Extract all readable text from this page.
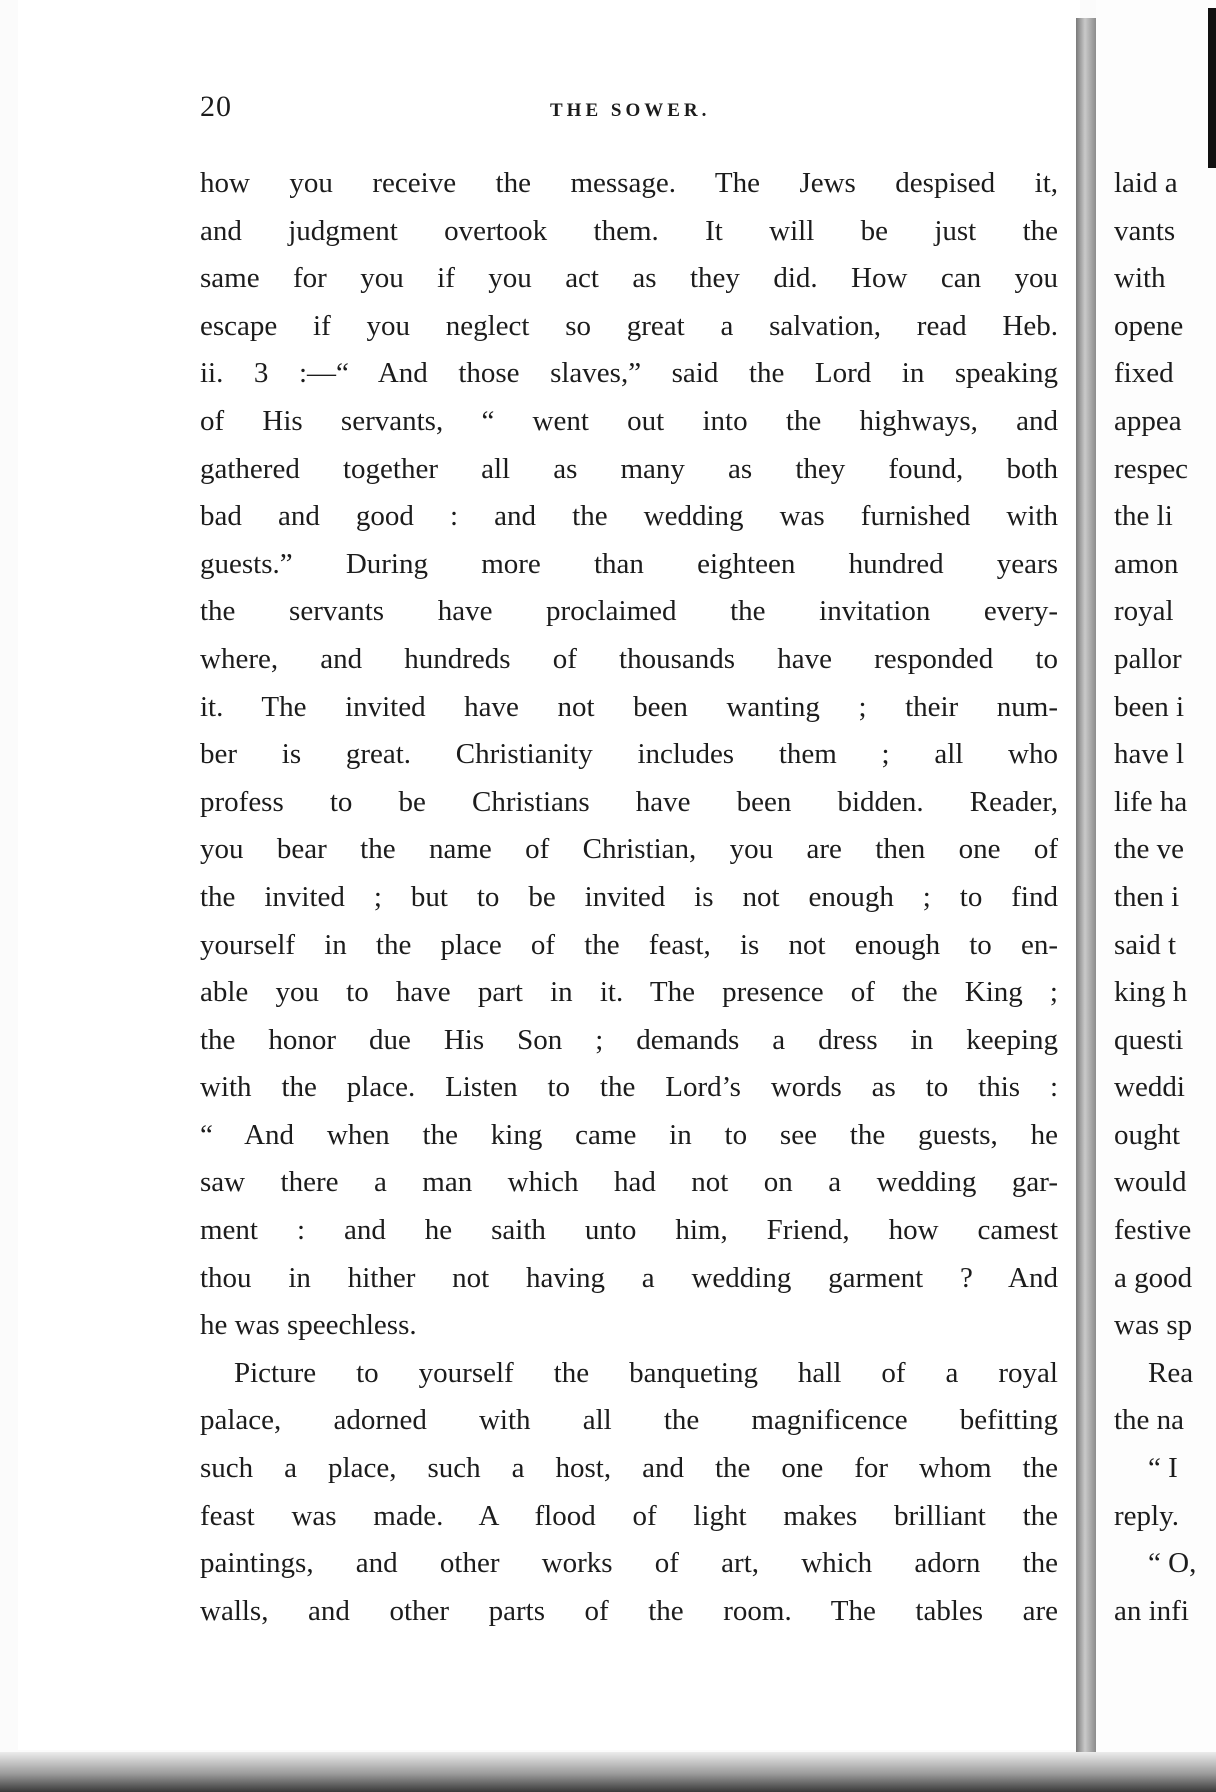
laid a
vants
with
opene
fixed
appea
respec
the li
amon
royal
pallor
been i
have l
life ha
the ve
then i
said t
king h
questi
weddi
ought
would
festive
a good
was sp
Rea
the na
“ I
reply.
“ O,
an infi
20	THE SOWER.
how you receive the message. The Jews despised it,
and judgment overtook them. It will be just the
same for you if you act as they did. How can you
escape if you neglect so great a salvation, read Heb.
ii. 3 :—“ And those slaves,” said the Lord in speaking
of His servants, “ went out into the highways, and
gathered together all as many as they found, both
bad and good : and the wedding was furnished with
guests.” During more than eighteen hundred years
the servants have proclaimed the invitation every-
where, and hundreds of thousands have responded to
it. The invited have not been wanting ; their num-
ber is great. Christianity includes them ; all who
profess to be Christians have been bidden. Reader,
you bear the name of Christian, you are then one of
the invited ; but to be invited is not enough ; to find
yourself in the place of the feast, is not enough to en-
able you to have part in it. The presence of the King ;
the honor due His Son ; demands a dress in keeping
with the place. Listen to the Lord’s words as to this :
“ And when the king came in to see the guests, he
saw there a man which had not on a wedding gar-
ment : and he saith unto him, Friend, how camest
thou in hither not having a wedding garment ? And
he was speechless.
Picture to yourself the banqueting hall of a royal
palace, adorned with all the magnificence befitting
such a place, such a host, and the one for whom the
feast was made. A flood of light makes brilliant the
paintings, and other works of art, which adorn the
walls, and other parts of the room. The tables are
